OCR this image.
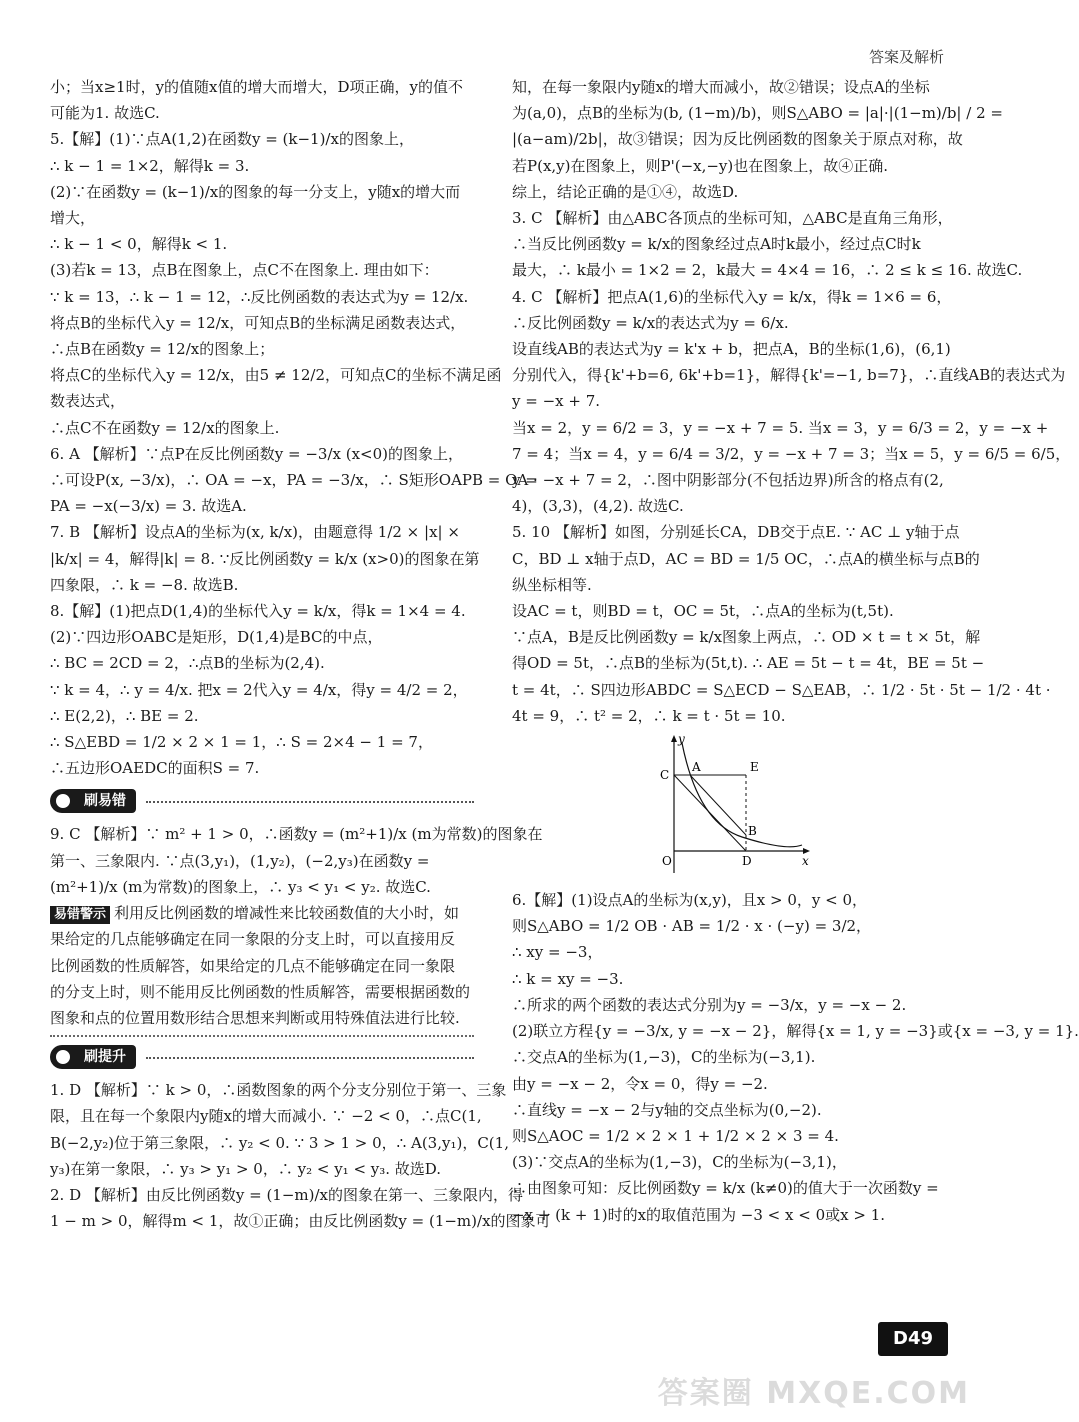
答案及解析

小；当x≥1时，y的值随x值的增大而增大，D项正确，y的值不

可能为1. 故选C.

5.【解】(1)∵点A(1,2)在函数y = (k−1)/x的图象上，

∴ k − 1 = 1×2，解得k = 3.

(2)∵在函数y = (k−1)/x的图象的每一分支上，y随x的增大而

增大，

∴ k − 1 < 0，解得k < 1.

(3)若k = 13，点B在图象上，点C不在图象上. 理由如下：

∵ k = 13，∴ k − 1 = 12，∴反比例函数的表达式为y = 12/x.

将点B的坐标代入y = 12/x，可知点B的坐标满足函数表达式，

∴点B在函数y = 12/x的图象上；

将点C的坐标代入y = 12/x，由5 ≠ 12/2，可知点C的坐标不满足函

数表达式，

∴点C不在函数y = 12/x的图象上.

6. A 【解析】∵点P在反比例函数y = −3/x (x<0)的图象上，

∴可设P(x, −3/x)，∴ OA = −x，PA = −3/x，∴ S矩形OAPB = OA ·

PA = −x(−3/x) = 3. 故选A.

7. B 【解析】设点A的坐标为(x, k/x)，由题意得 1/2 × |x| ×

|k/x| = 4，解得|k| = 8. ∵反比例函数y = k/x (x>0)的图象在第

四象限，∴ k = −8. 故选B.

8.【解】(1)把点D(1,4)的坐标代入y = k/x，得k = 1×4 = 4.

(2)∵四边形OABC是矩形，D(1,4)是BC的中点，

∴ BC = 2CD = 2，∴点B的坐标为(2,4).

∵ k = 4，∴ y = 4/x. 把x = 2代入y = 4/x，得y = 4/2 = 2，

∴ E(2,2)，∴ BE = 2.

∴ S△EBD = 1/2 × 2 × 1 = 1，∴ S = 2×4 − 1 = 7，

∴五边形OAEDC的面积S = 7.

刷易错

9. C 【解析】∵ m² + 1 > 0，∴函数y = (m²+1)/x (m为常数)的图象在

第一、三象限内. ∵点(3,y₁)，(1,y₂)，(−2,y₃)在函数y =

(m²+1)/x (m为常数)的图象上，∴ y₃ < y₁ < y₂. 故选C.

易错警示 利用反比例函数的增减性来比较函数值的大小时，如

果给定的几点能够确定在同一象限的分支上时，可以直接用反

比例函数的性质解答，如果给定的几点不能够确定在同一象限

的分支上时，则不能用反比例函数的性质解答，需要根据函数的

图象和点的位置用数形结合思想来判断或用特殊值法进行比较.

刷提升

1. D 【解析】∵ k > 0，∴函数图象的两个分支分别位于第一、三象

限，且在每一个象限内y随x的增大而减小. ∵ −2 < 0，∴点C(1,

B(−2,y₂)位于第三象限，∴ y₂ < 0. ∵ 3 > 1 > 0，∴ A(3,y₁)，C(1,

y₃)在第一象限，∴ y₃ > y₁ > 0，∴ y₂ < y₁ < y₃. 故选D.

2. D 【解析】由反比例函数y = (1−m)/x的图象在第一、三象限内，得

1 − m > 0，解得m < 1，故①正确；由反比例函数y = (1−m)/x的图象可

知，在每一象限内y随x的增大而减小，故②错误；设点A的坐标

为(a,0)，点B的坐标为(b, (1−m)/b)，则S△ABO = |a|·|(1−m)/b| / 2 =

|(a−am)/2b|，故③错误；因为反比例函数的图象关于原点对称，故

若P(x,y)在图象上，则P'(−x,−y)也在图象上，故④正确.

综上，结论正确的是①④，故选D.

3. C 【解析】由△ABC各顶点的坐标可知，△ABC是直角三角形，

∴当反比例函数y = k/x的图象经过点A时k最小，经过点C时k

最大，∴ k最小 = 1×2 = 2，k最大 = 4×4 = 16，∴ 2 ≤ k ≤ 16. 故选C.

4. C 【解析】把点A(1,6)的坐标代入y = k/x，得k = 1×6 = 6，

∴反比例函数y = k/x的表达式为y = 6/x.

设直线AB的表达式为y = k'x + b，把点A，B的坐标(1,6)，(6,1)

分别代入，得{k'+b=6, 6k'+b=1}，解得{k'=−1, b=7}，∴直线AB的表达式为

y = −x + 7.

当x = 2，y = 6/2 = 3，y = −x + 7 = 5. 当x = 3，y = 6/3 = 2，y = −x +

7 = 4；当x = 4，y = 6/4 = 3/2，y = −x + 7 = 3；当x = 5，y = 6/5 = 6/5，

y = −x + 7 = 2，∴图中阴影部分(不包括边界)所含的格点有(2,

4)，(3,3)，(4,2). 故选C.

5. 10 【解析】如图，分别延长CA，DB交于点E. ∵ AC ⊥ y轴于点

C，BD ⊥ x轴于点D，AC = BD = 1/5 OC，∴点A的横坐标与点B的

纵坐标相等.

设AC = t，则BD = t，OC = 5t，∴点A的坐标为(t,5t).

∵点A，B是反比例函数y = k/x图象上两点，∴ OD × t = t × 5t，解

得OD = 5t，∴点B的坐标为(5t,t). ∴ AE = 5t − t = 4t，BE = 5t −

t = 4t，∴ S四边形ABDC = S△ECD − S△EAB，∴ 1/2 · 5t · 5t − 1/2 · 4t ·

4t = 9，∴ t² = 2，∴ k = t · 5t = 10.

y
x
O
C
A	E
B
D

6.【解】(1)设点A的坐标为(x,y)，且x > 0，y < 0，

则S△ABO = 1/2 OB · AB = 1/2 · x · (−y) = 3/2，

∴ xy = −3，

∴ k = xy = −3.

∴所求的两个函数的表达式分别为y = −3/x，y = −x − 2.

(2)联立方程{y = −3/x, y = −x − 2}，解得{x = 1, y = −3}或{x = −3, y = 1}.

∴交点A的坐标为(1,−3)，C的坐标为(−3,1).

由y = −x − 2，令x = 0，得y = −2.

∴直线y = −x − 2与y轴的交点坐标为(0,−2).

则S△AOC = 1/2 × 2 × 1 + 1/2 × 2 × 3 = 4.

(3)∵交点A的坐标为(1,−3)，C的坐标为(−3,1)，

∴由图象可知：反比例函数y = k/x (k≠0)的值大于一次函数y =

−x + (k + 1)时的x的取值范围为 −3 < x < 0或x > 1.

D49
答案圈 MXQE.COM
